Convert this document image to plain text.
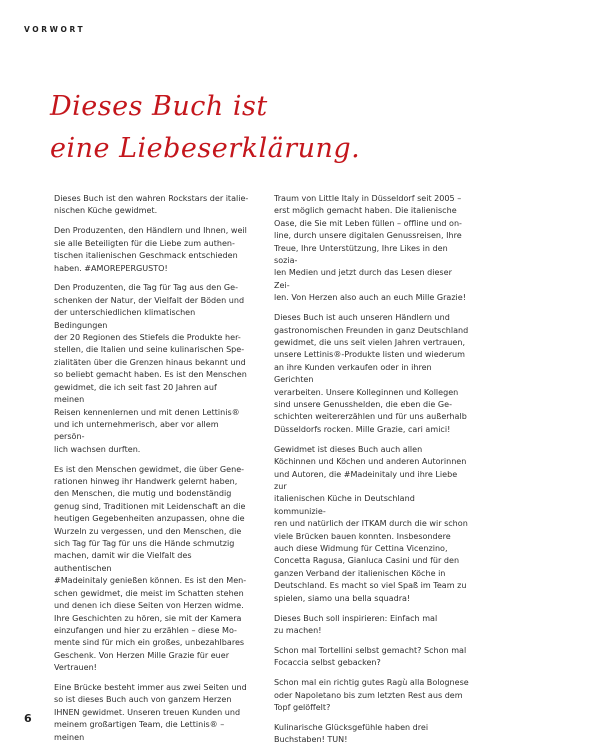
VORWORT
Dieses Buch ist
eine Liebeserklärung.

Dieses Buch ist den wahren Rockstars der italie-
nischen Küche gewidmet.

Den Produzenten, den Händlern und Ihnen, weil
sie alle Beteiligten für die Liebe zum authen-
tischen italienischen Geschmack entschieden
haben. #AMOREPERGUSTO!

Den Produzenten, die Tag für Tag aus den Ge-
schenken der Natur, der Vielfalt der Böden und
der unterschiedlichen klimatischen Bedingungen
der 20 Regionen des Stiefels die Produkte her-
stellen, die Italien und seine kulinarischen Spe-
zialitäten über die Grenzen hinaus bekannt und
so beliebt gemacht haben. Es ist den Menschen
gewidmet, die ich seit fast 20 Jahren auf meinen
Reisen kennenlernen und mit denen Lettinis®
und ich unternehmerisch, aber vor allem persön-
lich wachsen durften.

Es ist den Menschen gewidmet, die über Gene-
rationen hinweg ihr Handwerk gelernt haben,
den Menschen, die mutig und bodenständig
genug sind, Traditionen mit Leidenschaft an die
heutigen Gegebenheiten anzupassen, ohne die
Wurzeln zu vergessen, und den Menschen, die
sich Tag für Tag für uns die Hände schmutzig
machen, damit wir die Vielfalt des authentischen
#Madeinitaly genießen können. Es ist den Men-
schen gewidmet, die meist im Schatten stehen
und denen ich diese Seiten von Herzen widme.
Ihre Geschichten zu hören, sie mit der Kamera
einzufangen und hier zu erzählen – diese Mo-
mente sind für mich ein großes, unbezahlbares
Geschenk. Von Herzen Mille Grazie für euer
Vertrauen!

Eine Brücke besteht immer aus zwei Seiten und
so ist dieses Buch auch von ganzem Herzen
IHNEN gewidmet. Unseren treuen Kunden und
meinem großartigen Team, die Lettinis® – meinen

Traum von Little Italy in Düsseldorf seit 2005 –
erst möglich gemacht haben. Die italienische
Oase, die Sie mit Leben füllen – offline und on-
line, durch unsere digitalen Genussreisen, Ihre
Treue, Ihre Unterstützung, Ihre Likes in den sozia-
len Medien und jetzt durch das Lesen dieser Zei-
len. Von Herzen also auch an euch Mille Grazie!

Dieses Buch ist auch unseren Händlern und
gastronomischen Freunden in ganz Deutschland
gewidmet, die uns seit vielen Jahren vertrauen,
unsere Lettinis®-Produkte listen und wiederum
an ihre Kunden verkaufen oder in ihren Gerichten
verarbeiten. Unsere Kolleginnen und Kollegen
sind unsere Genusshelden, die eben die Ge-
schichten weitererzählen und für uns außerhalb
Düsseldorfs rocken. Mille Grazie, cari amici!

Gewidmet ist dieses Buch auch allen
Köchinnen und Köchen und anderen Autorinnen
und Autoren, die #Madeinitaly und ihre Liebe zur
italienischen Küche in Deutschland kommunizie-
ren und natürlich der ITKAM durch die wir schon
viele Brücken bauen konnten. Insbesondere
auch diese Widmung für Cettina Vicenzino,
Concetta Ragusa, Gianluca Casini und für den
ganzen Verband der italienischen Köche in
Deutschland. Es macht so viel Spaß im Team zu
spielen, siamo una bella squadra!

Dieses Buch soll inspirieren: Einfach mal
zu machen!

Schon mal Tortellini selbst gemacht? Schon mal
Focaccia selbst gebacken?

Schon mal ein richtig gutes Ragù alla Bolognese
oder Napoletano bis zum letzten Rest aus dem
Topf gelöffelt?

Kulinarische Glücksgefühle haben drei
Buchstaben! TUN!

6
